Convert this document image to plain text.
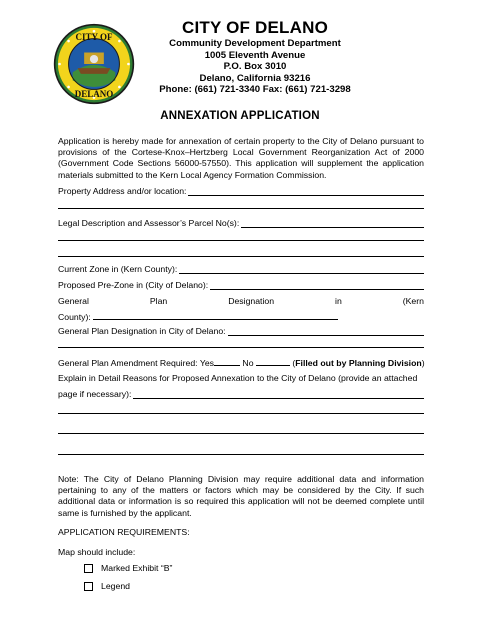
CITY OF
DELANO
CITY OF DELANO
Community Development Department
1005 Eleventh Avenue
P.O. Box 3010
Delano, California 93216
Phone: (661) 721-3340 Fax: (661) 721-3298
ANNEXATION APPLICATION
Application is hereby made for annexation of certain property to the City of Delano pursuant to provisions of the Cortese-Knox–Hertzberg Local Government Reorganization Act of 2000 (Government Code Sections 56000-57550). This application will supplement the application materials submitted to the Kern Local Agency Formation Commission.
Property Address and/or location:
Legal Description and Assessor’s Parcel No(s):
Current Zone in (Kern County):
Proposed Pre-Zone in (City of Delano):
General	Plan	Designation	in	(Kern
County):
General Plan Designation in City of Delano:
General Plan Amendment Required: Yes	No	(Filled out by Planning Division)
Explain in Detail Reasons for Proposed Annexation to the City of Delano (provide an attached
page if necessary):
Note: The City of Delano Planning Division may require additional data and information pertaining to any of the matters or factors which may be considered by the City. If such additional data or information is so required this application will not be deemed complete until same is furnished by the applicant.
APPLICATION REQUIREMENTS:
Map should include:
Marked Exhibit “B”
Legend
